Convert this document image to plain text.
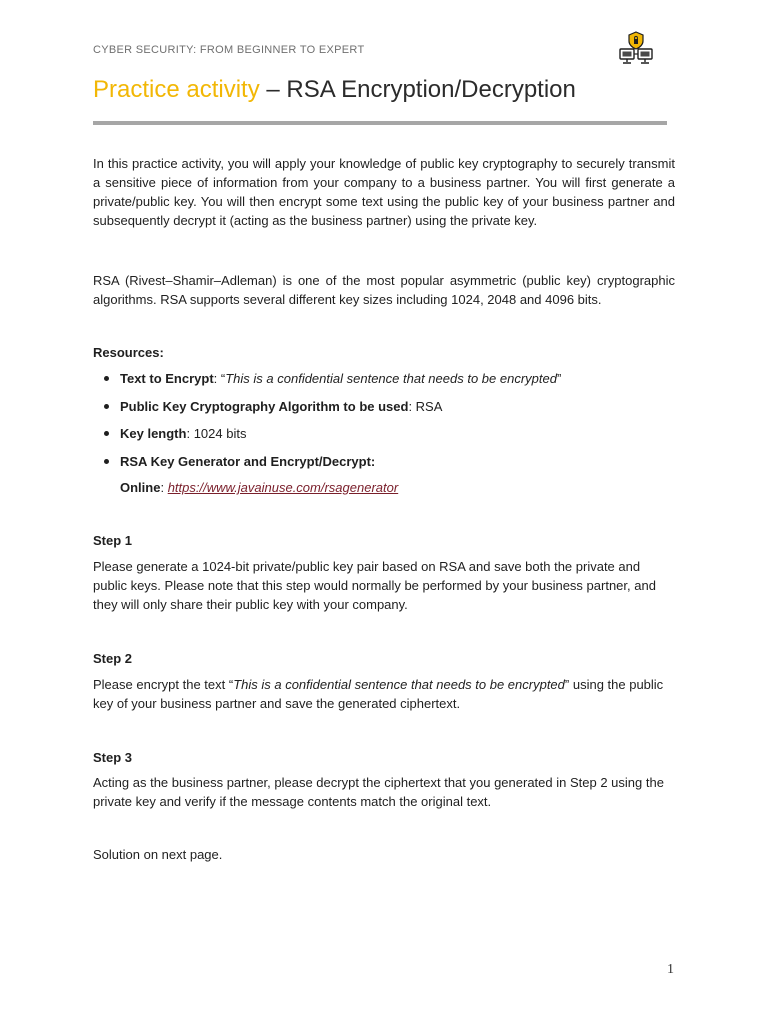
CYBER SECURITY: FROM BEGINNER TO EXPERT
Practice activity – RSA Encryption/Decryption
In this practice activity, you will apply your knowledge of public key cryptography to securely transmit a sensitive piece of information from your company to a business partner. You will first generate a private/public key. You will then encrypt some text using the public key of your business partner and subsequently decrypt it (acting as the business partner) using the private key.
RSA (Rivest–Shamir–Adleman) is one of the most popular asymmetric (public key) cryptographic algorithms. RSA supports several different key sizes including 1024, 2048 and 4096 bits.
Resources:
Text to Encrypt: “This is a confidential sentence that needs to be encrypted”
Public Key Cryptography Algorithm to be used: RSA
Key length: 1024 bits
RSA Key Generator and Encrypt/Decrypt:
Online: https://www.javainuse.com/rsagenerator
Step 1
Please generate a 1024-bit private/public key pair based on RSA and save both the private and public keys. Please note that this step would normally be performed by your business partner, and they will only share their public key with your company.
Step 2
Please encrypt the text “This is a confidential sentence that needs to be encrypted” using the public key of your business partner and save the generated ciphertext.
Step 3
Acting as the business partner, please decrypt the ciphertext that you generated in Step 2 using the private key and verify if the message contents match the original text.
Solution on next page.
1
